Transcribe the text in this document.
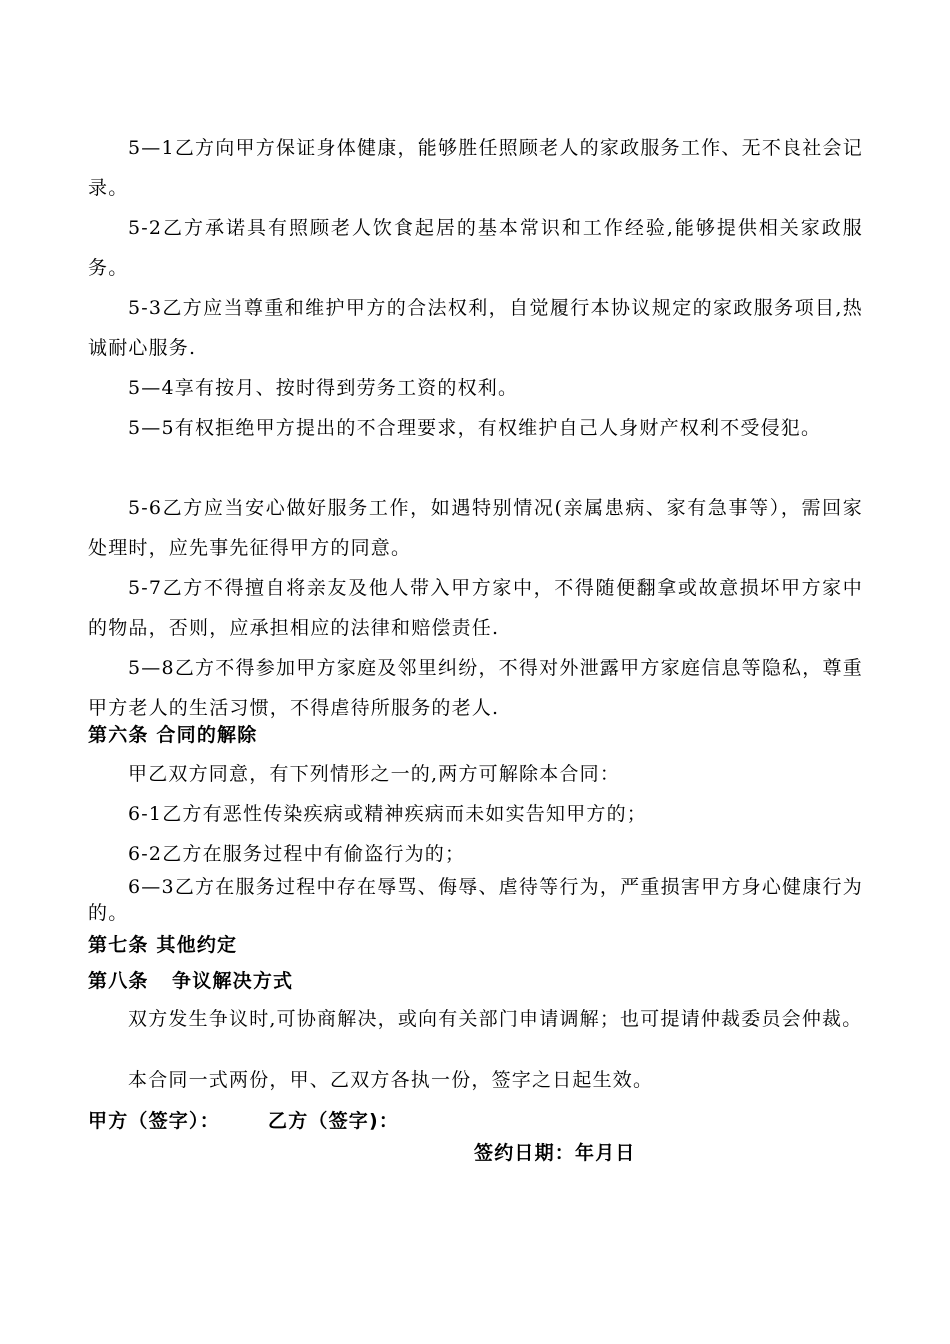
5—1乙方向甲方保证身体健康，能够胜任照顾老人的家政服务工作、无不良社会记录。

5-2乙方承诺具有照顾老人饮食起居的基本常识和工作经验,能够提供相关家政服务。

5-3乙方应当尊重和维护甲方的合法权利，自觉履行本协议规定的家政服务项目,热诚耐心服务.

5—4享有按月、按时得到劳务工资的权利。

5—5有权拒绝甲方提出的不合理要求，有权维护自己人身财产权利不受侵犯。

5-6乙方应当安心做好服务工作，如遇特别情况(亲属患病、家有急事等），需回家处理时，应先事先征得甲方的同意。

5-7乙方不得擅自将亲友及他人带入甲方家中，不得随便翻拿或故意损坏甲方家中的物品，否则，应承担相应的法律和赔偿责任.

5—8乙方不得参加甲方家庭及邻里纠纷，不得对外泄露甲方家庭信息等隐私，尊重甲方老人的生活习惯，不得虐待所服务的老人.

第六条 合同的解除

甲乙双方同意，有下列情形之一的,两方可解除本合同：

6-1乙方有恶性传染疾病或精神疾病而未如实告知甲方的；

6-2乙方在服务过程中有偷盗行为的；

6—3乙方在服务过程中存在辱骂、侮辱、虐待等行为，严重损害甲方身心健康行为的。

第七条 其他约定
第八条   争议解决方式

双方发生争议时,可协商解决，或向有关部门申请调解；也可提请仲裁委员会仲裁。

本合同一式两份，甲、乙双方各执一份，签字之日起生效。

甲方（签字）：	乙方（签字)：
签约日期：年月日
